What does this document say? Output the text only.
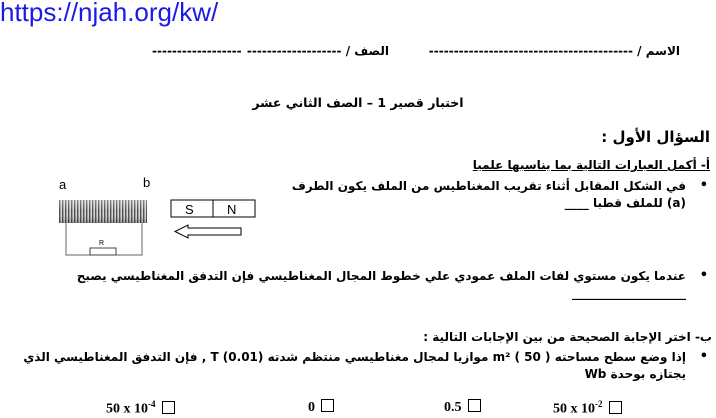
https://njah.org/kw/
الاسم / -----------------------------------------
الصف / -------------------
------------------
اختبار قصير 1 – الصف الثاني عشر
السؤال الأول :
أ- أكمل العبارات التالية بما يناسبها علميا
•
في الشكل المقابل أثناء تقريب المغناطيس من الملف يكون الطرف (a) للملف قطبا ____
a	b
R
S	N
•
عندما يكون مستوي لفات الملف عمودي علي خطوط المجال المغناطيسي فإن التدفق المغناطيسي يصبح ___________________
ب- اختر الإجابة الصحيحة من بين الإجابات التالية :
•
إذا وضع سطح مساحته ( 50 ) m² موازيا لمجال مغناطيسي منتظم شدته T (0.01) , فإن التدفق المغناطيسي الذي يجتازه بوحدة Wb
50 x $10^{-4}$	0	0.5	50 x $10^{-2}$
